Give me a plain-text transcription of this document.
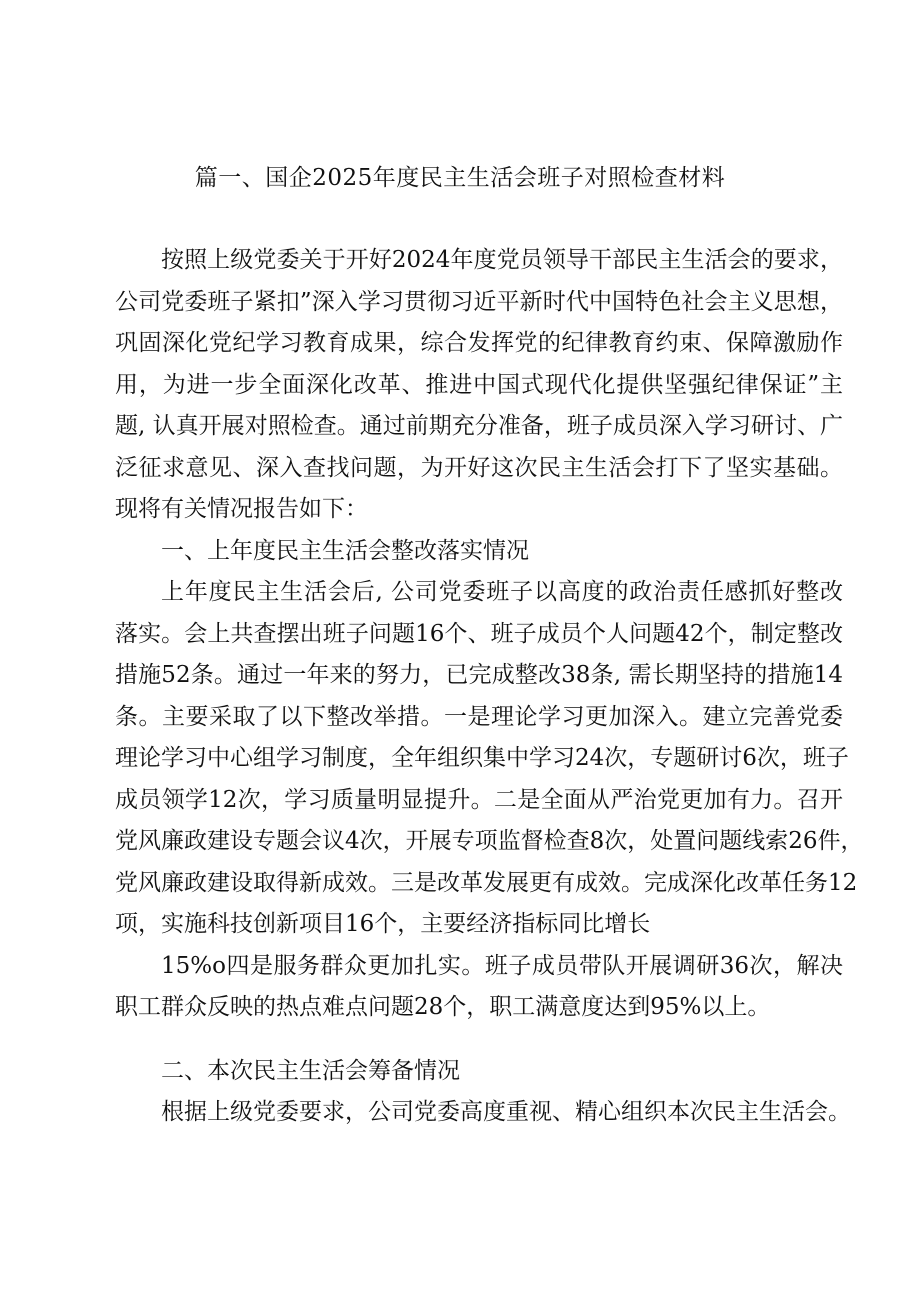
篇一、国企2025年度民主生活会班子对照检查材料
按照上级党委关于开好2024年度党员领导干部民主生活会的要求，
公司党委班子紧扣”深入学习贯彻习近平新时代中国特色社会主义思想，
巩固深化党纪学习教育成果，综合发挥党的纪律教育约束、保障激励作
用，为进一步全面深化改革、推进中国式现代化提供坚强纪律保证”主
题, 认真开展对照检查。通过前期充分准备，班子成员深入学习研讨、广
泛征求意见、深入查找问题，为开好这次民主生活会打下了坚实基础。
现将有关情况报告如下：
一、上年度民主生活会整改落实情况
上年度民主生活会后, 公司党委班子以高度的政治责任感抓好整改
落实。会上共查摆出班子问题16个、班子成员个人问题42个，制定整改
措施52条。通过一年来的努力，已完成整改38条, 需长期坚持的措施14
条。主要采取了以下整改举措。一是理论学习更加深入。建立完善党委
理论学习中心组学习制度，全年组织集中学习24次，专题研讨6次，班子
成员领学12次，学习质量明显提升。二是全面从严治党更加有力。召开
党风廉政建设专题会议4次，开展专项监督检查8次，处置问题线索26件，
党风廉政建设取得新成效。三是改革发展更有成效。完成深化改革任务12
项，实施科技创新项目16个，主要经济指标同比增长
15%o四是服务群众更加扎实。班子成员带队开展调研36次，解决
职工群众反映的热点难点问题28个，职工满意度达到95%以上。
二、本次民主生活会筹备情况
根据上级党委要求，公司党委高度重视、精心组织本次民主生活会。
